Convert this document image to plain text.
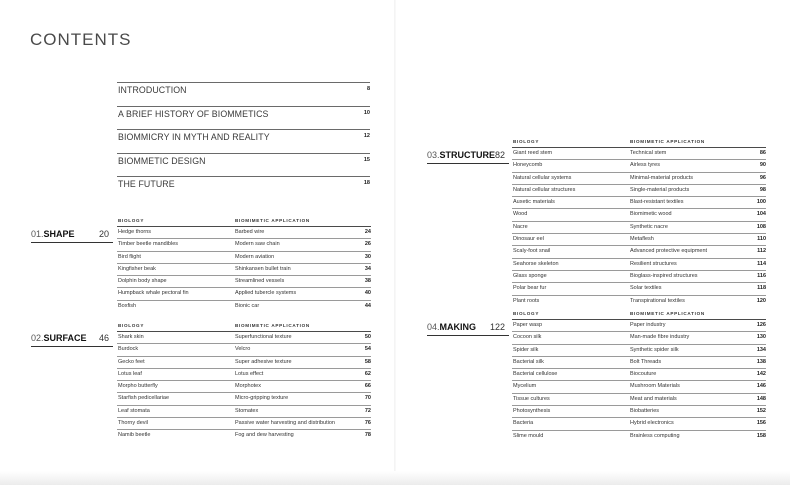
CONTENTS
INTRODUCTION	8
A BRIEF HISTORY OF BIOMMETICS	10
BIOMMICRY IN MYTH AND REALITY	12
BIOMMETIC DESIGN	15
THE FUTURE	18
01.SHAPE	20
BIOLOGY	BIOMIMETIC APPLICATION
Hedge thorns	Barbed wire	24
Timber beetle mandibles	Modern saw chain	26
Bird flight	Modern aviation	30
Kingfisher beak	Shinkansen bullet train	34
Dolphin body shape	Streamlined vessels	38
Humpback whale pectoral fin	Applied tubercle systems	40
Boxfish	Bionic car	44
02.SURFACE 46
BIOLOGY	BIOMIMETIC APPLICATION
Shark skin	Superfunctional texture	50
Burdock	Velcro	54
Gecko feet	Super adhesive texture	58
Lotus leaf	Lotus effect	62
Morpho butterfly	Morphotex	66
Starfish pedicellariae	Micro-gripping texture	70
Leaf stomata	Stomatex	72
Thorny devil	Passive water harvesting and distribution	76
Namib beetle	Fog and dew harvesting	78
03.STRUCTURE 82
BIOLOGY	BIOMIMETIC APPLICATION
Giant reed stem	Technical stem	86
Honeycomb	Airless tyres	90
Natural cellular systems	Minimal-material products	96
Natural cellular structures	Single-material products	98
Auxetic materials	Blast-resistant textiles	100
Wood	Biomimetic wood	104
Nacre	Synthetic nacre	108
Dinosaur eel	Metaflesh	110
Scaly-foot snail	Advanced protective equipment	112
Seahorse skeleton	Resilient structures	114
Glass sponge	Bioglass-inspired structures	116
Polar bear fur	Solar textiles	118
Plant roots	Transpirational textiles	120
04.MAKING 122
BIOLOGY	BIOMIMETIC APPLICATION
Paper wasp	Paper industry	126
Cocoon silk	Man-made fibre industry	130
Spider silk	Synthetic spider silk	134
Bacterial silk	Bolt Threads	138
Bacterial cellulose	Biocouture	142
Mycelium	Mushroom Materials	146
Tissue cultures	Meat and materials	148
Photosynthesis	Biobatteries	152
Bacteria	Hybrid electronics	156
Slime mould	Brainless computing	158
